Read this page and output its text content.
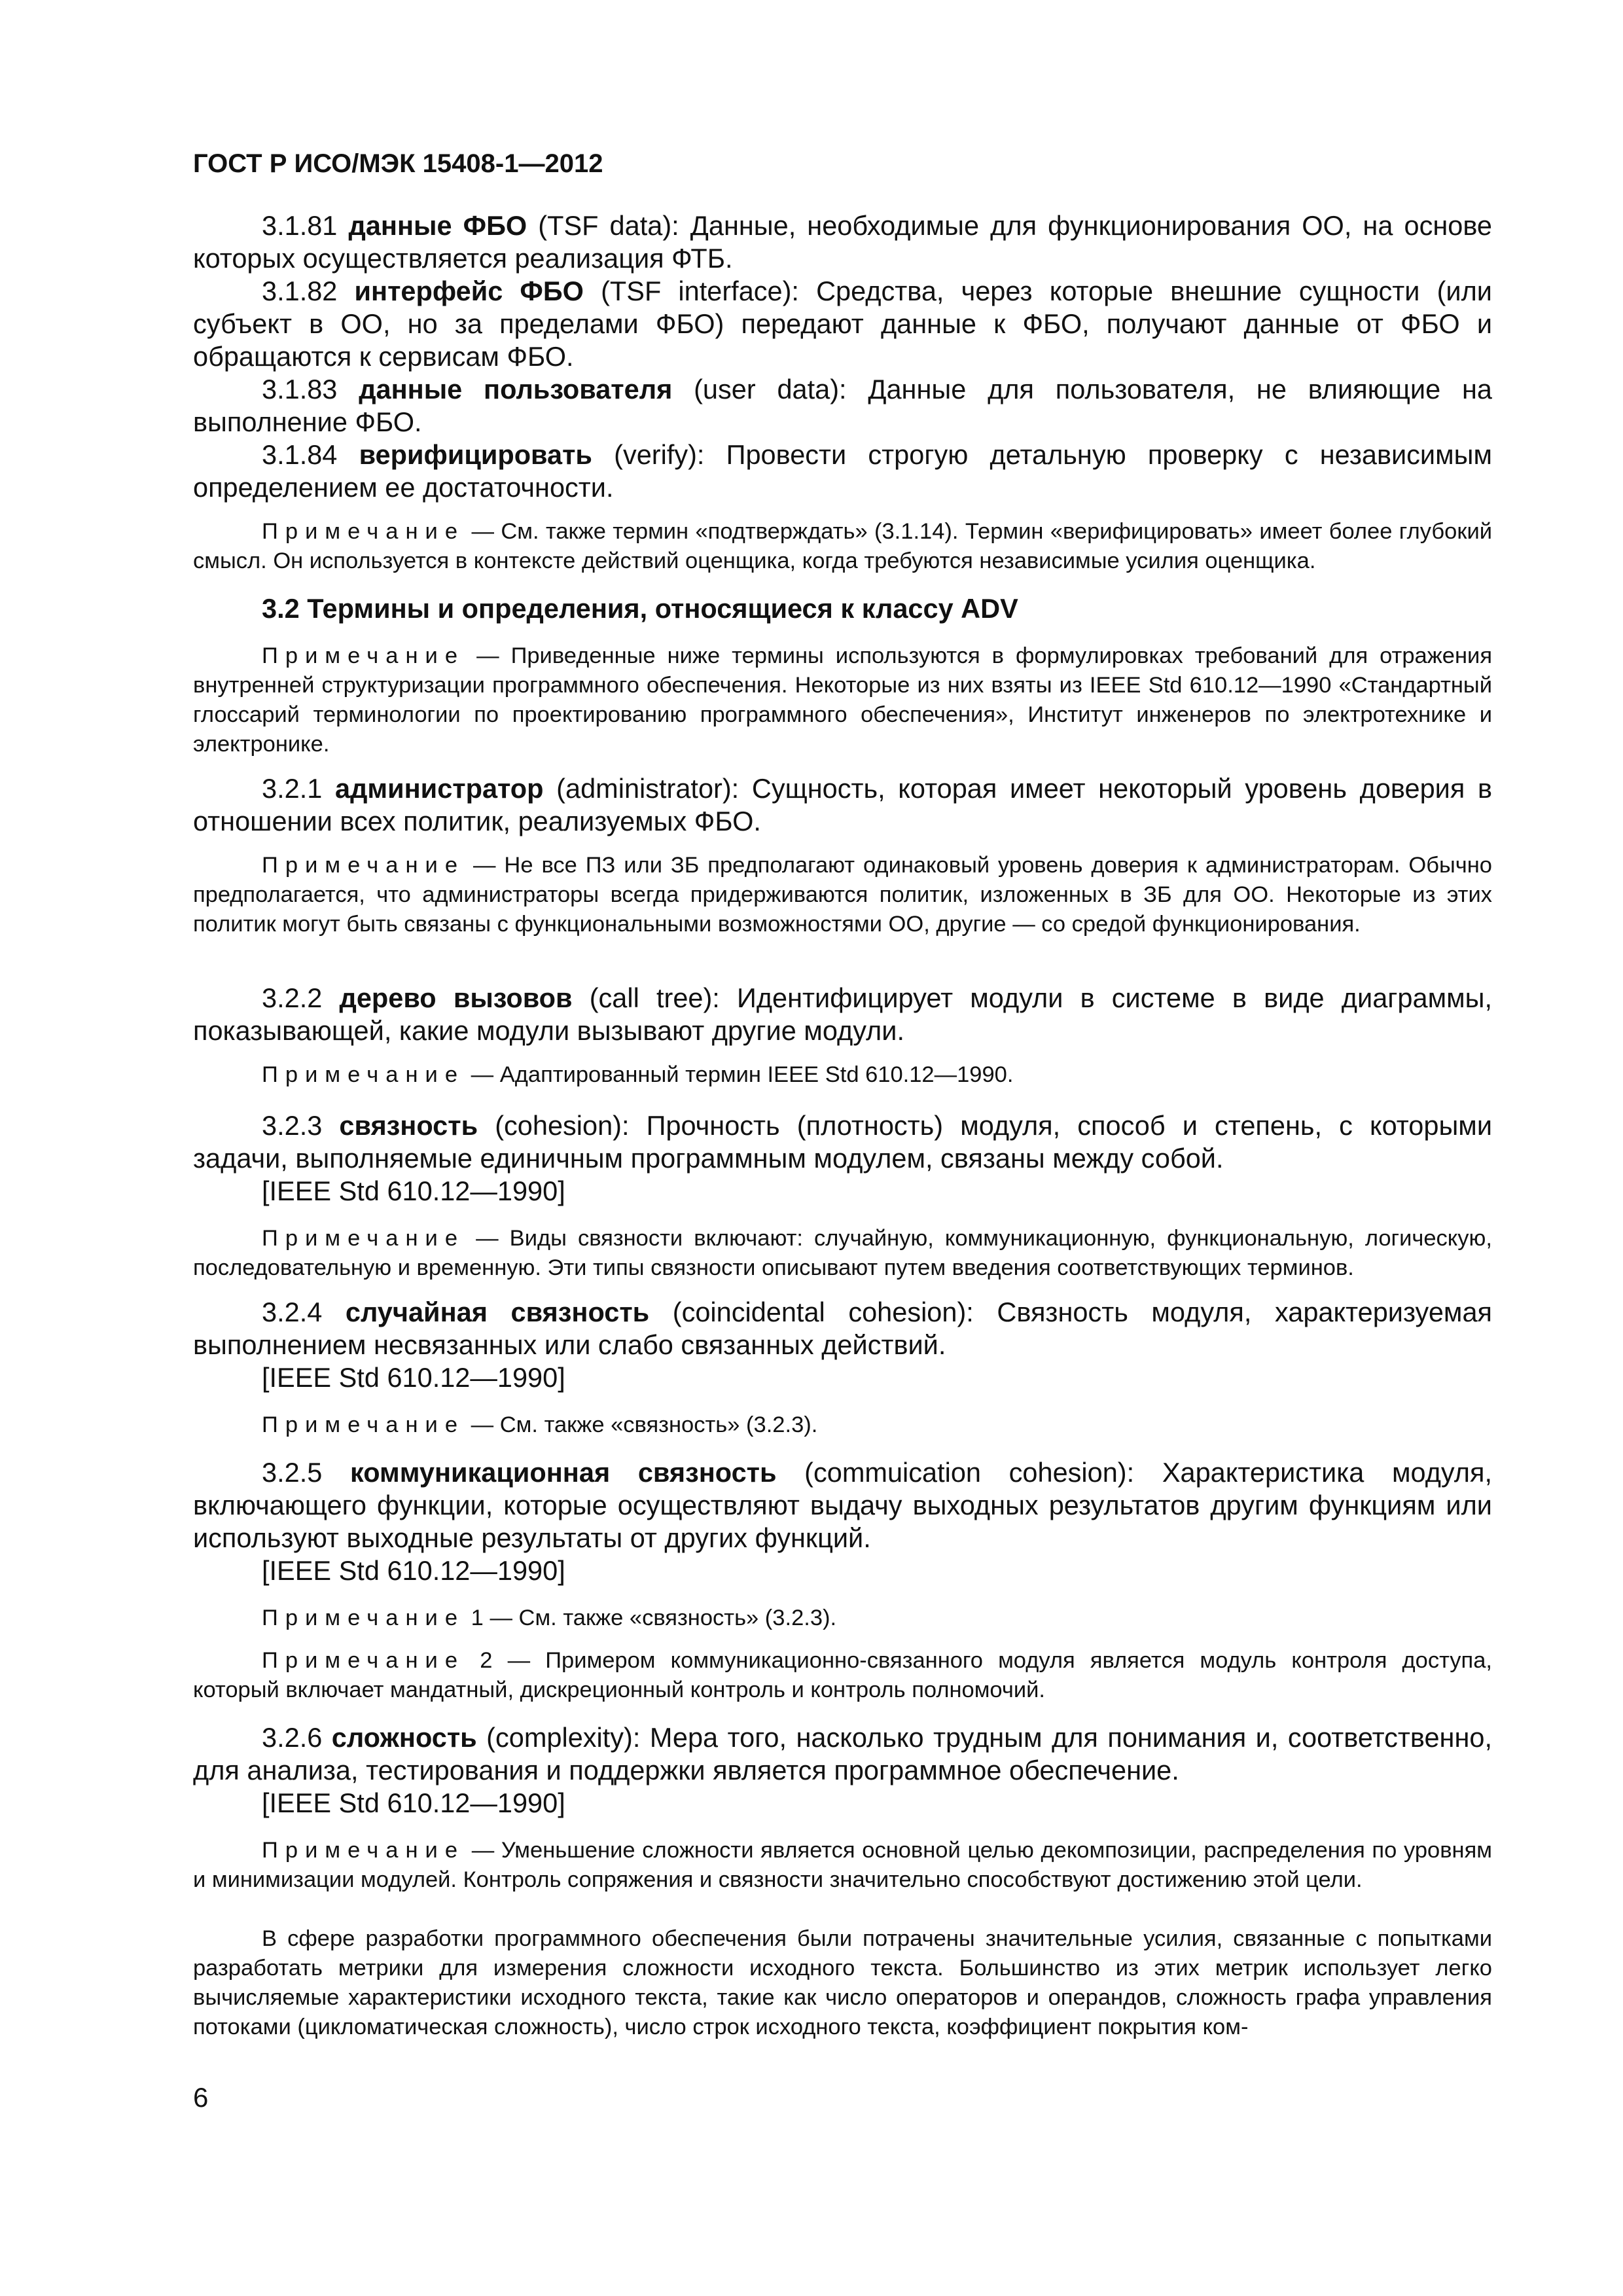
ГОСТ Р ИСО/МЭК 15408-1—2012

3.1.81 данные ФБО (TSF data): Данные, необходимые для функционирования ОО, на основе которых осуществляется реализация ФТБ.

3.1.82 интерфейс ФБО (TSF interface): Средства, через которые внешние сущности (или субъект в ОО, но за пределами ФБО) передают данные к ФБО, получают данные от ФБО и обращаются к сервисам ФБО.

3.1.83 данные пользователя (user data): Данные для пользователя, не влияющие на выполнение ФБО.

3.1.84 верифицировать (verify): Провести строгую детальную проверку с независимым определением ее достаточности.

Примечание — См. также термин «подтверждать» (3.1.14). Термин «верифицировать» имеет более глубокий смысл. Он используется в контексте действий оценщика, когда требуются независимые усилия оценщика.

3.2 Термины и определения, относящиеся к классу ADV

Примечание — Приведенные ниже термины используются в формулировках требований для отражения внутренней структуризации программного обеспечения. Некоторые из них взяты из IEEE Std 610.12—1990 «Стандартный глоссарий терминологии по проектированию программного обеспечения», Институт инженеров по электротехнике и электронике.

3.2.1 администратор (administrator): Сущность, которая имеет некоторый уровень доверия в отношении всех политик, реализуемых ФБО.

Примечание — Не все ПЗ или ЗБ предполагают одинаковый уровень доверия к администраторам. Обычно предполагается, что администраторы всегда придерживаются политик, изложенных в ЗБ для ОО. Некоторые из этих политик могут быть связаны с функциональными возможностями ОО, другие — со средой функционирования.

3.2.2 дерево вызовов (call tree): Идентифицирует модули в системе в виде диаграммы, показывающей, какие модули вызывают другие модули.

Примечание — Адаптированный термин IEEE Std 610.12—1990.

3.2.3 связность (cohesion): Прочность (плотность) модуля, способ и степень, с которыми задачи, выполняемые единичным программным модулем, связаны между собой.

[IEEE Std 610.12—1990]

Примечание — Виды связности включают: случайную, коммуникационную, функциональную, логическую, последовательную и временную. Эти типы связности описывают путем введения соответствующих терминов.

3.2.4 случайная связность (coincidental cohesion): Связность модуля, характеризуемая выполнением несвязанных или слабо связанных действий.

[IEEE Std 610.12—1990]

Примечание — См. также «связность» (3.2.3).

3.2.5 коммуникационная связность (commuication cohesion): Характеристика модуля, включающего функции, которые осуществляют выдачу выходных результатов другим функциям или используют выходные результаты от других функций.

[IEEE Std 610.12—1990]

Примечание 1 — См. также «связность» (3.2.3).

Примечание 2 — Примером коммуникационно-связанного модуля является модуль контроля доступа, который включает мандатный, дискреционный контроль и контроль полномочий.

3.2.6 сложность (complexity): Мера того, насколько трудным для понимания и, соответственно, для анализа, тестирования и поддержки является программное обеспечение.

[IEEE Std 610.12—1990]

Примечание — Уменьшение сложности является основной целью декомпозиции, распределения по уровням и минимизации модулей. Контроль сопряжения и связности значительно способствуют достижению этой цели.

В сфере разработки программного обеспечения были потрачены значительные усилия, связанные с попытками разработать метрики для измерения сложности исходного текста. Большинство из этих метрик использует легко вычисляемые характеристики исходного текста, такие как число операторов и операндов, сложность графа управления потоками (цикломатическая сложность), число строк исходного текста, коэффициент покрытия ком-

6
